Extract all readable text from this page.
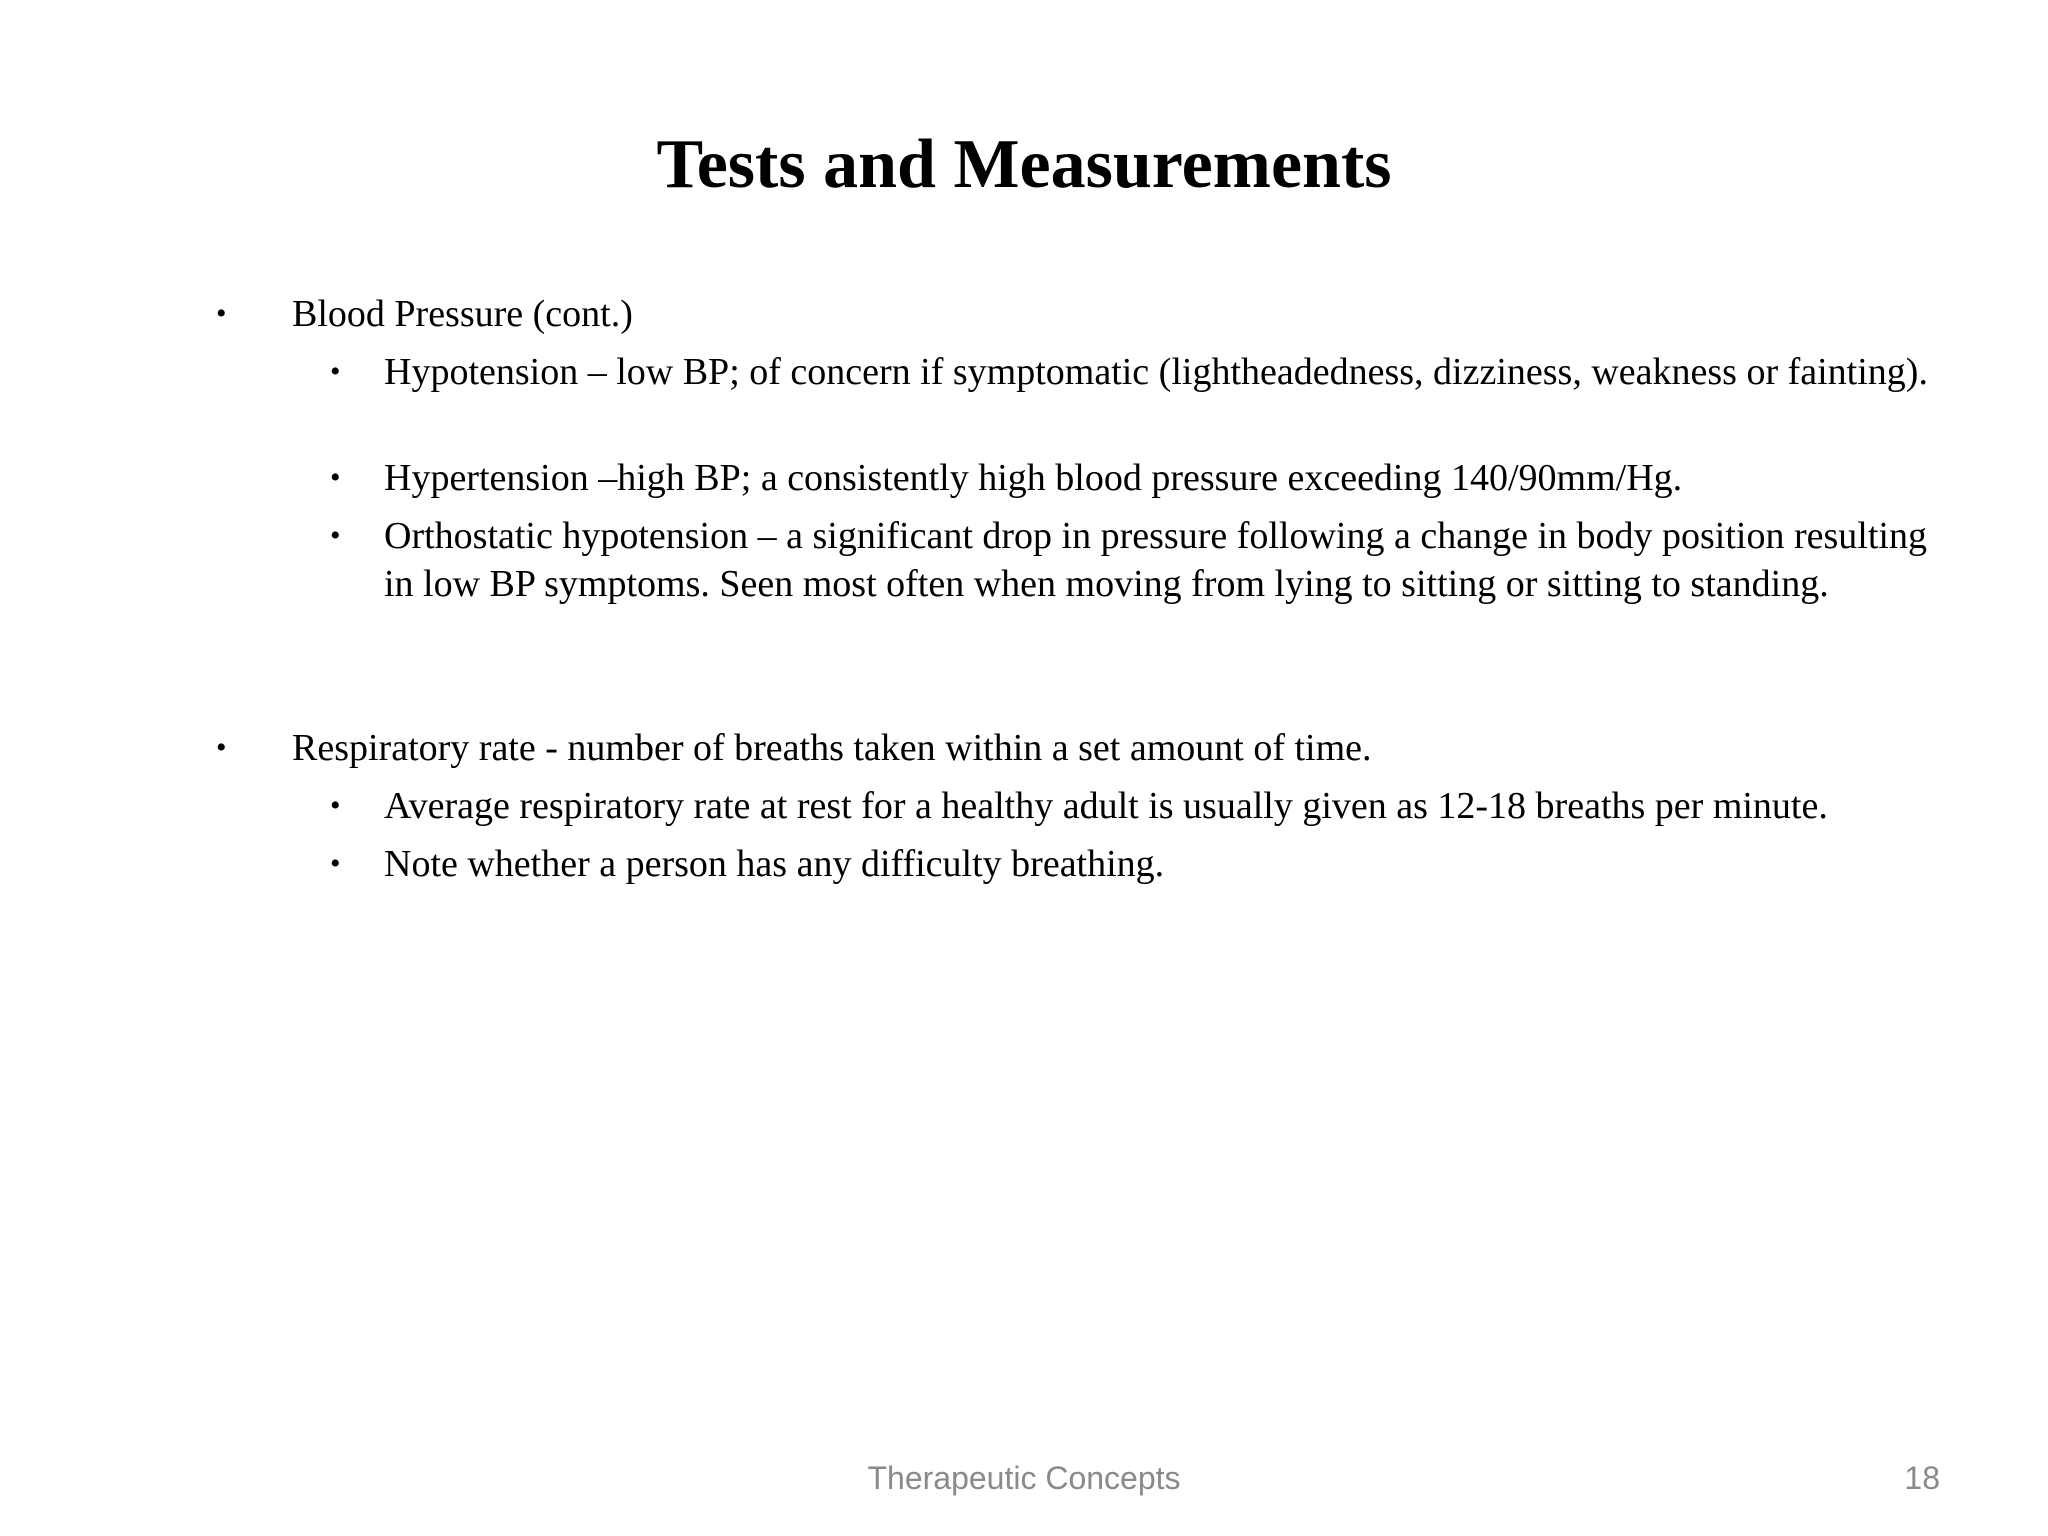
Tests and Measurements
• Blood Pressure (cont.)
• Hypotension – low BP; of concern if symptomatic (lightheadedness, dizziness, weakness or fainting).
• Hypertension –high BP; a consistently high blood pressure exceeding 140/90mm/Hg.
• Orthostatic hypotension – a significant drop in pressure following a change in body position resulting in low BP symptoms. Seen most often when moving from lying to sitting or sitting to standing.
• Respiratory rate - number of breaths taken within a set amount of time.
• Average respiratory rate at rest for a healthy adult is usually given as 12-18 breaths per minute.
• Note whether a person has any difficulty breathing.
Therapeutic Concepts	18
